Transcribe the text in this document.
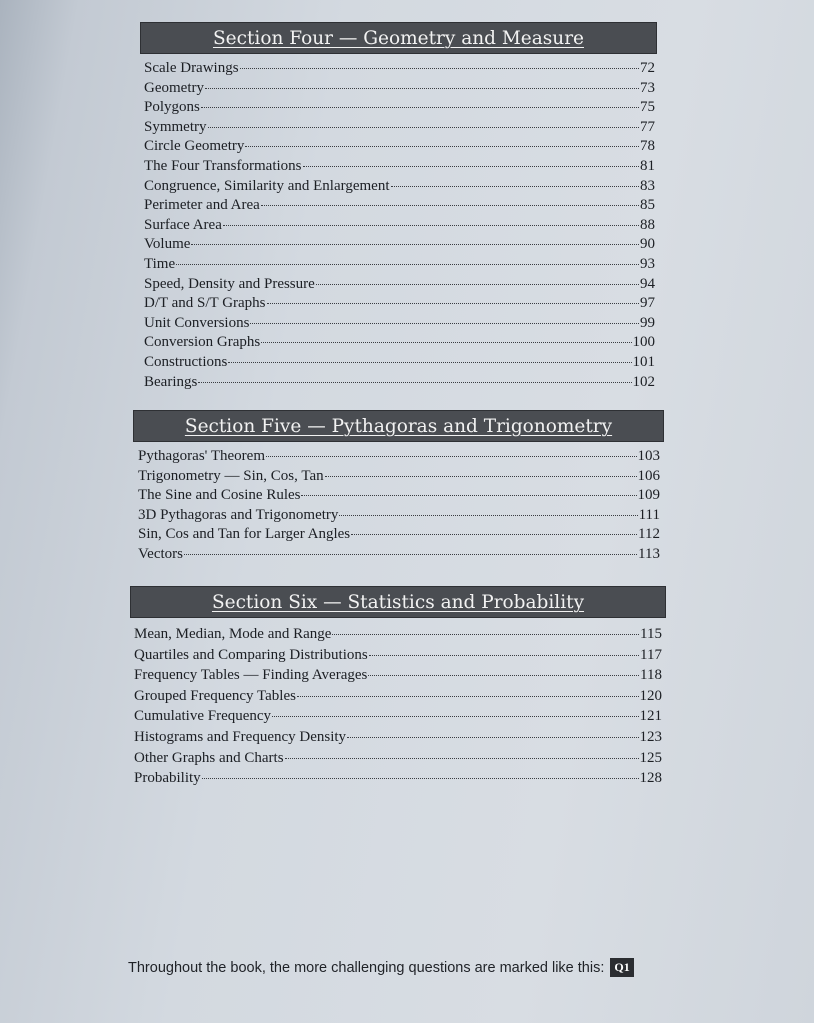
Section Four — Geometry and Measure
Scale Drawings	72
Geometry	73
Polygons	75
Symmetry	77
Circle Geometry	78
The Four Transformations	81
Congruence, Similarity and Enlargement	83
Perimeter and Area	85
Surface Area	88
Volume	90
Time	93
Speed, Density and Pressure	94
D/T and S/T Graphs	97
Unit Conversions	99
Conversion Graphs	100
Constructions	101
Bearings	102
Section Five — Pythagoras and Trigonometry
Pythagoras' Theorem	103
Trigonometry — Sin, Cos, Tan	106
The Sine and Cosine Rules	109
3D Pythagoras and Trigonometry	111
Sin, Cos and Tan for Larger Angles	112
Vectors	113
Section Six — Statistics and Probability
Mean, Median, Mode and Range	115
Quartiles and Comparing Distributions	117
Frequency Tables — Finding Averages	118
Grouped Frequency Tables	120
Cumulative Frequency	121
Histograms and Frequency Density	123
Other Graphs and Charts	125
Probability	128
Throughout the book, the more challenging questions are marked like this: Q1
